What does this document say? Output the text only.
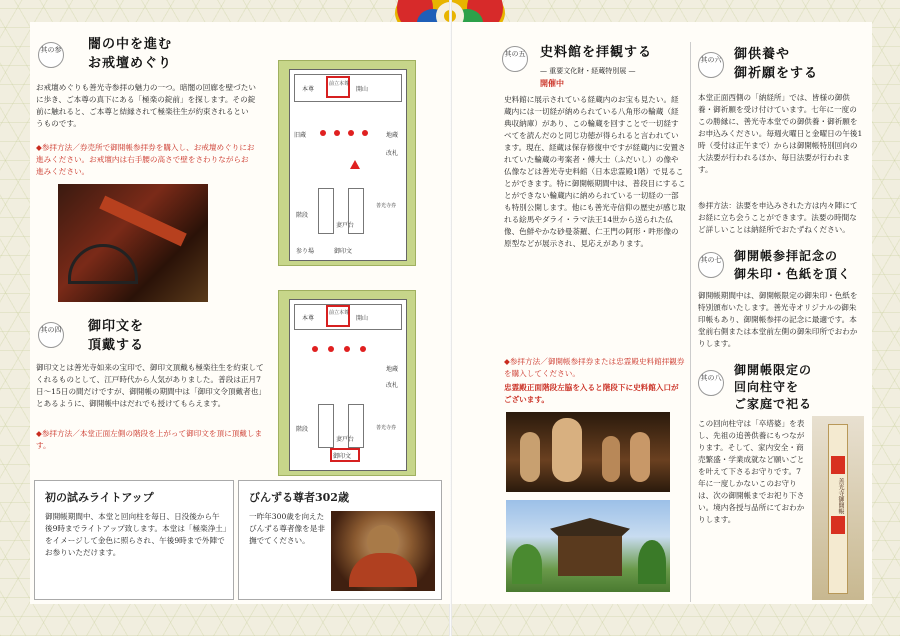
其の参 闇の中を進む
お戒壇めぐり
お戒壇めぐりも善光寺参拝の魅力の一つ。暗闇の回廊を壁づたいに歩き、ご本尊の真下にある「極楽の錠前」を探します。その錠前に触れると、ご本尊と結縁されて極楽往生が約束されるというものです。
◆参拝方法／券売所で御開帳参拝券を購入し、お戒壇めぐりにお進みください。お戒壇内は右手腰の高さで壁をさわりながらお進みください。
本尊	開山
前立本尊
旧蔵	地蔵
改札
階段
妻戸台
御印文
善光寺券
参り場
本尊	開山
前立本尊
地蔵
改札
妻戸台
御印文
階段	善光寺券
其の四 御印文を
頂戴する
御印文とは善光寺如来の宝印で、御印文頂戴も極楽往生を約束してくれるものとして、江戸時代から人気がありました。普段は正月7日〜15日の間だけですが、御開帳の期間中は「御印文令頂戴者也」とあるように、御開帳中はだれでも授けてもらえます。
◆参拝方法／本堂正面左側の階段を上がって御印文を頂に頂戴します。
初の試みライトアップ
御開帳期間中、本堂と回向柱を毎日、日没後から午後9時までライトアップ致します。本堂は「極楽浄土」をイメージして金色に照らされ、午後9時まで外陣でお参りいただけます。
びんずる尊者302歳
一昨年300歳を向えたびんずる尊者像を是非撫でてください。
其の五 史料館を拝観する
— 重要文化財・経蔵特別展 —
開催中
史料館に展示されている経蔵内のお宝も見たい。経蔵内には一切経が納められている八角形の輪蔵（経典収納庫）があり、この輪蔵を回すことで一切経すべてを読んだのと同じ功徳が得られると言われています。現在、経蔵は保存修復中ですが経蔵内に安置されていた輪蔵の考案者・傅大士（ふだいし）の像や仏像などは善光寺史料館（日本忠霊殿1階）で見ることができます。特に御開帳期間中は、普段目にすることができない輪蔵内に納められている一切経の一部も特別公開します。他にも善光寺信仰の歴史が感じ取れる絵馬やダライ・ラマ法王14世から送られた仏像、色鮮やかな砂曼荼羅、仁王門の阿形・吽形像の原型などが展示され、見応えがあります。
◆参拝方法／御開帳参拝券または忠霊殿史料館拝観券を購入してください。
忠霊殿正面階段左脇を入ると階段下に史料館入口がございます。
其の六 御供養や
御祈願をする
本堂正面西側の「納経所」では、皆様の御供養・御祈願を受け付けています。七年に一度のこの勝縁に、善光寺本堂での御供養・御祈願をお申込みください。毎週火曜日と金曜日の午後1時（受付は正午まで）からは御開帳特別回向の大法要が行われるほか、毎日法要が行われます。
参拝方法：法要を申込みされた方は内々陣にてお経に立ち会うことができます。法要の時間など詳しいことは納経所でおたずねください。
其の七 御開帳参拝記念の
御朱印・色紙を頂く
御開帳期間中は、御開帳限定の御朱印・色紙を特別頒布いたします。善光寺オリジナルの御朱印帳もあり、御開帳参拝の記念に最適です。本堂前右側または本堂前左側の御朱印所でおわかりします。
其の八
御開帳限定の
回向柱守を
ご家庭で祀る
この回向柱守は「卒塔婆」を表し、先祖の追善供養にもつながります。そして、家内安全・商売繁盛・学業成就など願いごとを叶えて下さるお守りです。7年に一度しかないこのお守りは、次の御開帳までお祀り下さい。境内各授与品所にておわかりします。
善光寺御開帳
